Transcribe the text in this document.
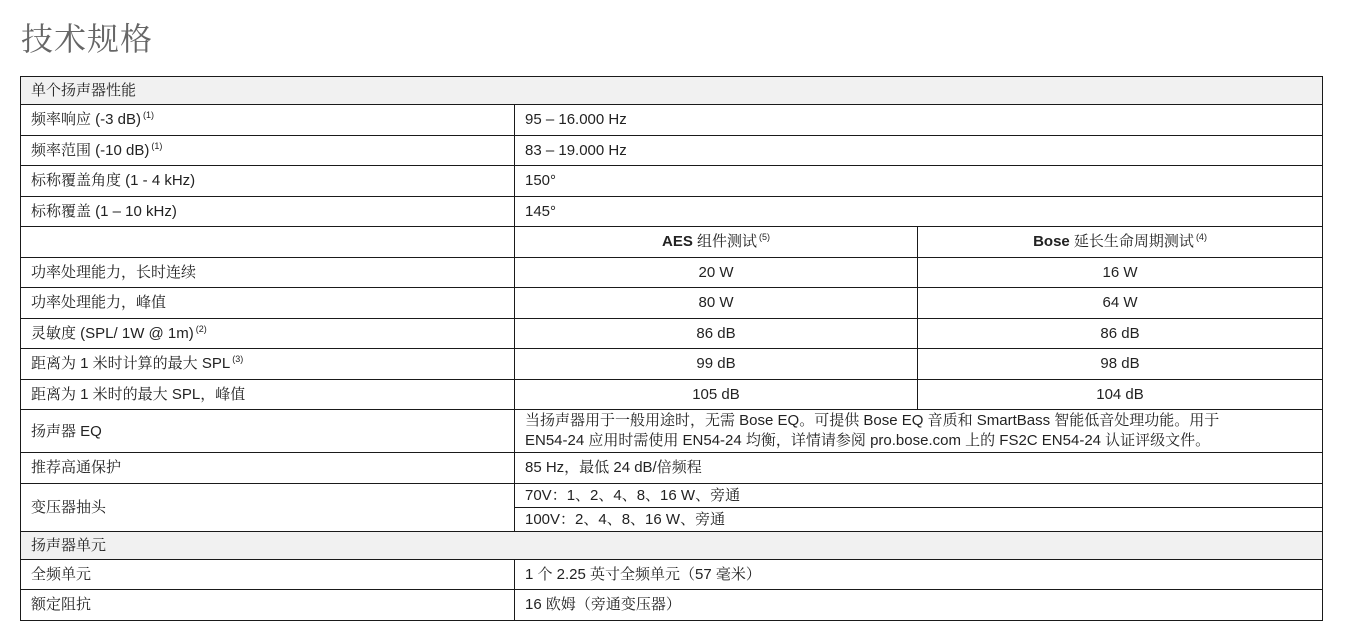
技术规格
单个扬声器性能		
频率响应 (-3 dB) $^{(1)}$	95 – 16.000 Hz	
频率范围 (-10 dB) $^{(1)}$	83 – 19.000 Hz	
标称覆盖角度 (1 - 4 kHz)	150°	
标称覆盖 (1 – 10 kHz)	145°	
	AES 组件测试 $^{(5)}$	Bose 延长生命周期测试 $^{(4)}$
功率处理能力，长时连续	20 W	16 W
功率处理能力，峰值	80 W	64 W
灵敏度 (SPL/ 1W @ 1m) $^{(2)}$	86 dB	86 dB
距离为 1 米时计算的最大 SPL $^{(3)}$	99 dB	98 dB
距离为 1 米时的最大 SPL，峰值	105 dB	104 dB
扬声器 EQ	当扬声器用于一般用途时，无需 Bose EQ。可提供 Bose EQ 音质和 SmartBass 智能低音处理功能。用于
EN54-24 应用时需使用 EN54-24 均衡，详情请参阅 pro.bose.com 上的 FS2C EN54-24 认证评级文件。	

推荐高通保护	85 Hz，最低 24 dB/倍频程	
变压器抽头	70V：1、2、4、8、16 W、旁通	
	100V：2、4、8、16 W、旁通	
扬声器单元		
全频单元	1 个 2.25 英寸全频单元（57 毫米）	
额定阻抗	16 欧姆（旁通变压器）	
